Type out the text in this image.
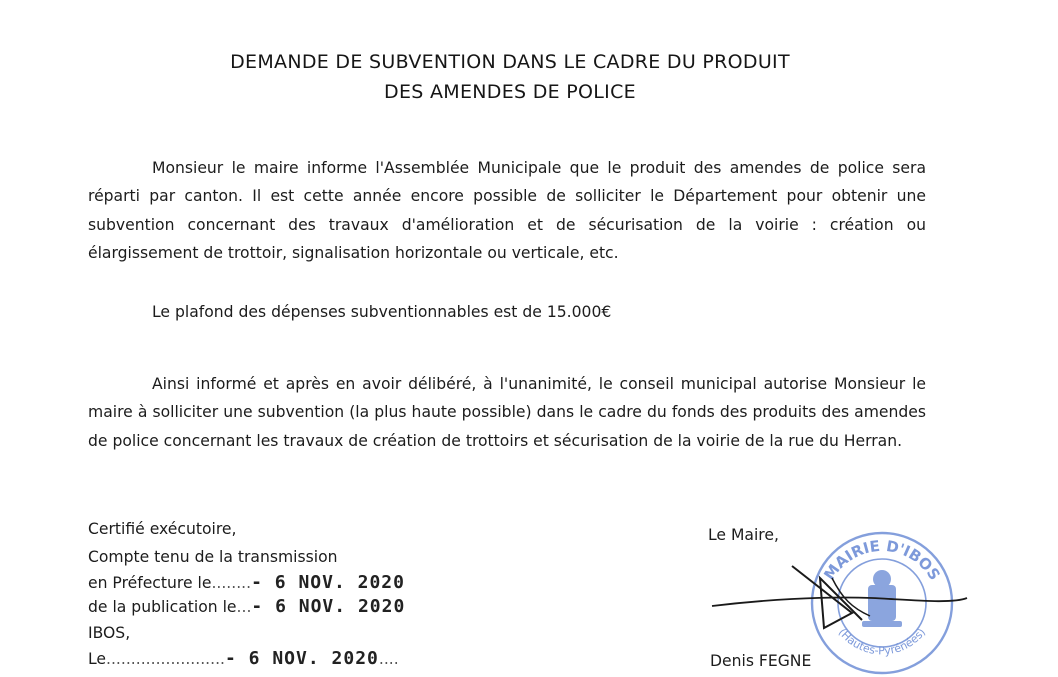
DEMANDE DE SUBVENTION DANS LE CADRE DU PRODUIT
DES AMENDES DE POLICE

Monsieur le maire informe l'Assemblée Municipale que le produit des amendes de police sera réparti par canton. Il est cette année encore possible de solliciter le Département pour obtenir une subvention concernant des travaux d'amélioration et de sécurisation de la voirie : création ou élargissement de trottoir, signalisation horizontale ou verticale, etc.

Le plafond des dépenses subventionnables est de 15.000€

Ainsi informé et après en avoir délibéré, à l'unanimité, le conseil municipal autorise Monsieur le maire à solliciter une subvention (la plus haute possible) dans le cadre du fonds des produits des amendes de police concernant les travaux de création de trottoirs et sécurisation de la voirie de la rue du Herran.

Certifié exécutoire,
Compte tenu de la transmission
en Préfecture le........- 6 NOV. 2020
de la publication le...- 6 NOV. 2020
IBOS,
Le........................- 6 NOV. 2020....
Le Maire,
MAIRIE D'IBOS
(Hautes-Pyrénées)
Denis FEGNE
